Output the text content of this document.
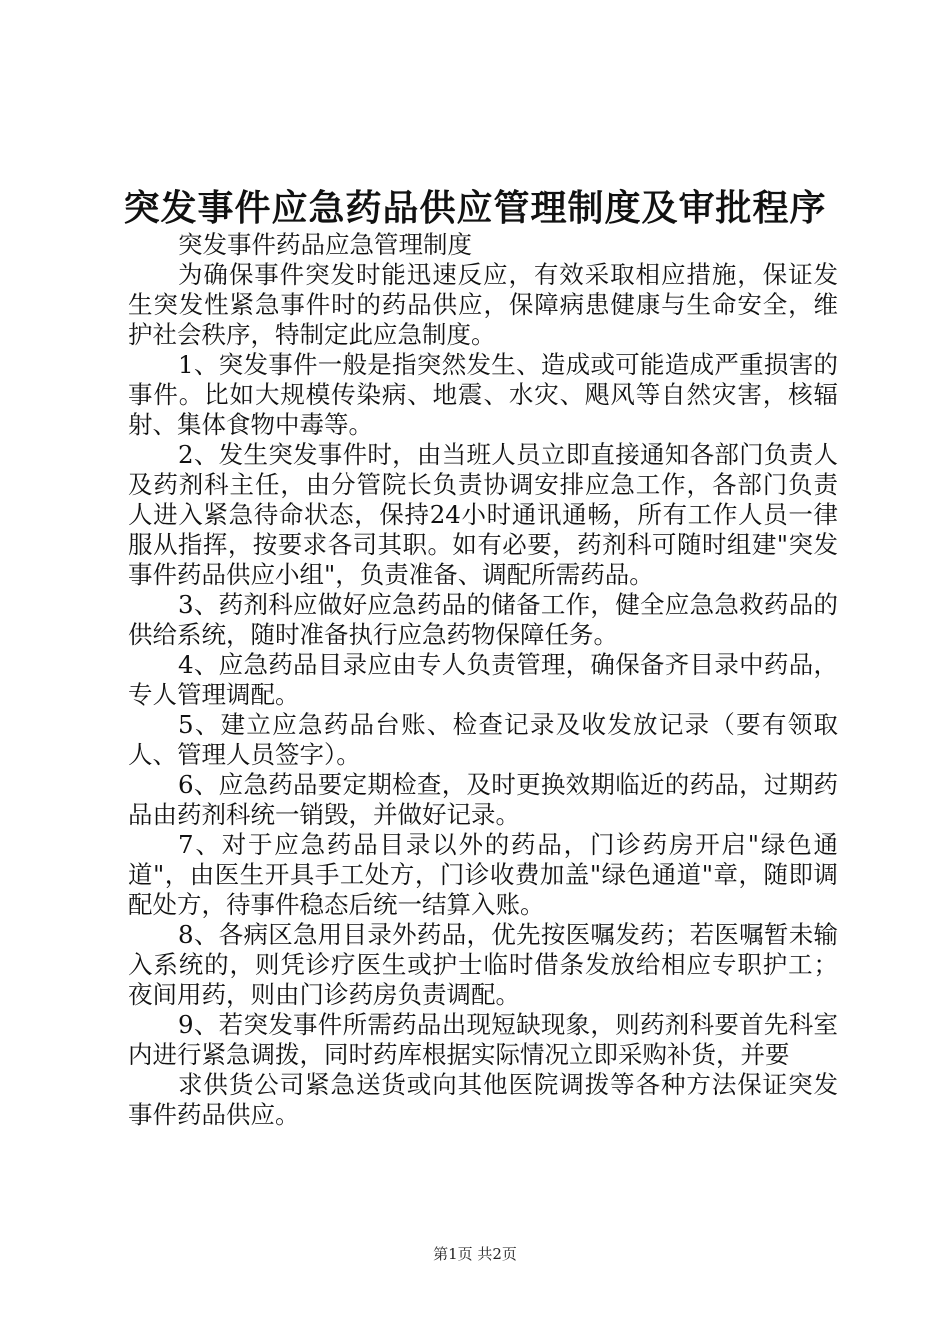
突发事件应急药品供应管理制度及审批程序

突发事件药品应急管理制度

为确保事件突发时能迅速反应，有效采取相应措施，保证发生突发性紧急事件时的药品供应，保障病患健康与生命安全，维护社会秩序，特制定此应急制度。

1、突发事件一般是指突然发生、造成或可能造成严重损害的事件。比如大规模传染病、地震、水灾、飓风等自然灾害，核辐射、集体食物中毒等。

2、发生突发事件时，由当班人员立即直接通知各部门负责人及药剂科主任，由分管院长负责协调安排应急工作，各部门负责人进入紧急待命状态，保持24小时通讯通畅，所有工作人员一律服从指挥，按要求各司其职。如有必要，药剂科可随时组建"突发事件药品供应小组"，负责准备、调配所需药品。

3、药剂科应做好应急药品的储备工作，健全应急急救药品的供给系统，随时准备执行应急药物保障任务。

4、应急药品目录应由专人负责管理，确保备齐目录中药品，专人管理调配。

5、建立应急药品台账、检查记录及收发放记录（要有领取人、管理人员签字）。

6、应急药品要定期检查，及时更换效期临近的药品，过期药品由药剂科统一销毁，并做好记录。

7、对于应急药品目录以外的药品，门诊药房开启"绿色通道"，由医生开具手工处方，门诊收费加盖"绿色通道"章，随即调配处方，待事件稳态后统一结算入账。

8、各病区急用目录外药品，优先按医嘱发药；若医嘱暂未输入系统的，则凭诊疗医生或护士临时借条发放给相应专职护工；夜间用药，则由门诊药房负责调配。

9、若突发事件所需药品出现短缺现象，则药剂科要首先科室内进行紧急调拨，同时药库根据实际情况立即采购补货，并要

求供货公司紧急送货或向其他医院调拨等各种方法保证突发事件药品供应。

第1页 共2页
